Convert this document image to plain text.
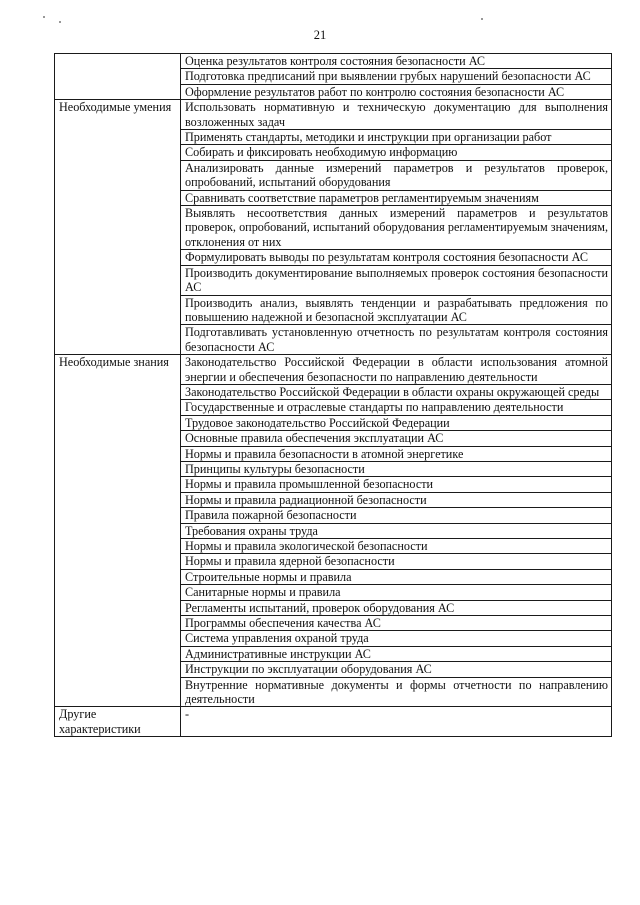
21
	Оценка результатов контроля состояния безопасности АС
	Подготовка предписаний при выявлении грубых нарушений безопасности АС
	Оформление результатов работ по контролю состояния безопасности АС

Необходимые умения	Использовать нормативную и техническую документацию для выполнения возложенных задач
	Применять стандарты, методики и инструкции при организации работ
	Собирать и фиксировать необходимую информацию
	Анализировать данные измерений параметров и результатов проверок, опробований, испытаний оборудования
	Сравнивать соответствие параметров регламентируемым значениям
	Выявлять несоответствия данных измерений параметров и результатов проверок, опробований, испытаний оборудования регламентируемым значениям, отклонения от них
	Формулировать выводы по результатам контроля состояния безопасности АС
	Производить документирование выполняемых проверок состояния безопасности АС
	Производить анализ, выявлять тенденции и разрабатывать предложения по повышению надежной и безопасной эксплуатации АС
	Подготавливать установленную отчетность по результатам контроля состояния безопасности АС

Необходимые знания	Законодательство Российской Федерации в области использования атомной энергии и обеспечения безопасности по направлению деятельности
	Законодательство Российской Федерации в области охраны окружающей среды
	Государственные и отраслевые стандарты по направлению деятельности
	Трудовое законодательство Российской Федерации
	Основные правила обеспечения эксплуатации АС
	Нормы и правила безопасности в атомной энергетике
	Принципы культуры безопасности
	Нормы и правила промышленной безопасности
	Нормы и правила радиационной безопасности
	Правила пожарной безопасности
	Требования охраны труда
	Нормы и правила экологической безопасности
	Нормы и правила ядерной безопасности
	Строительные нормы и правила
	Санитарные нормы и правила
	Регламенты испытаний, проверок оборудования АС
	Программы обеспечения качества АС
	Система управления охраной труда
	Административные инструкции АС
	Инструкции по эксплуатации оборудования АС
	Внутренние нормативные документы и формы отчетности по направлению деятельности

Другие характеристики	-
